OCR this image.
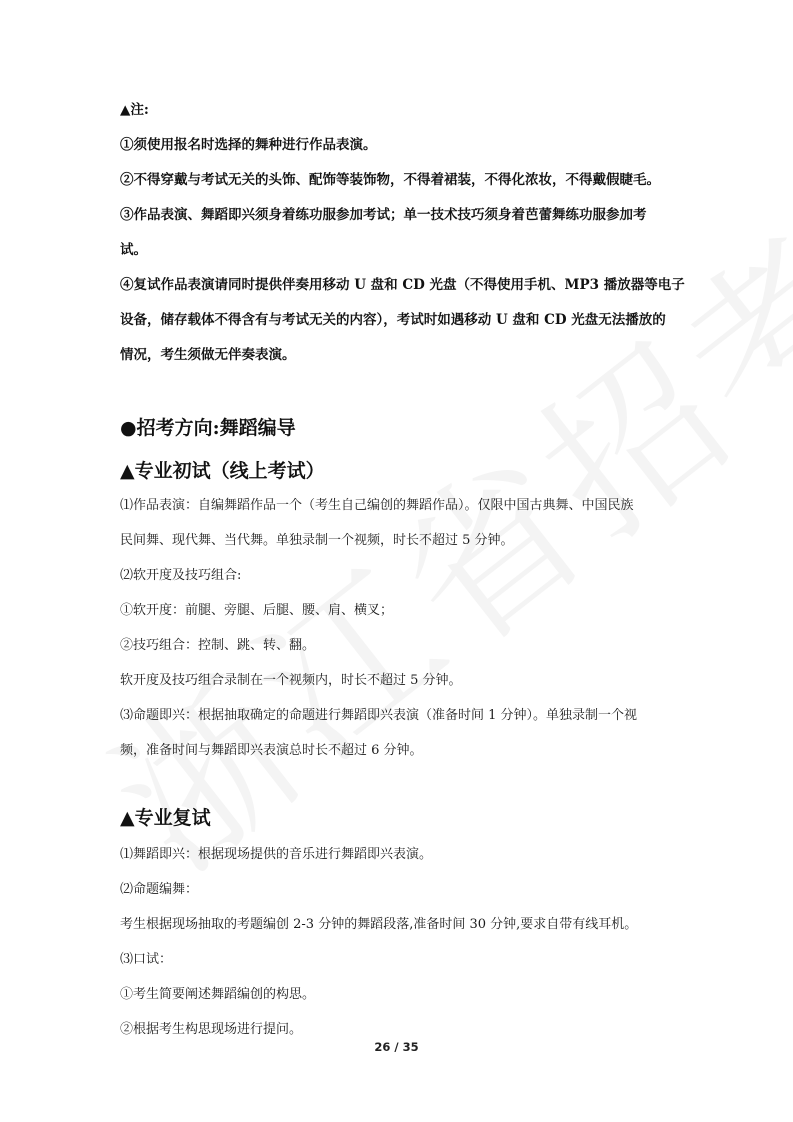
▲注:
①须使用报名时选择的舞种进行作品表演。
②不得穿戴与考试无关的头饰、配饰等装饰物，不得着裙装，不得化浓妆，不得戴假睫毛。
③作品表演、舞蹈即兴须身着练功服参加考试；单一技术技巧须身着芭蕾舞练功服参加考
试。
④复试作品表演请同时提供伴奏用移动 U 盘和 CD 光盘（不得使用手机、MP3 播放器等电子
设备，储存载体不得含有与考试无关的内容），考试时如遇移动 U 盘和 CD 光盘无法播放的
情况，考生须做无伴奏表演。
●招考方向:舞蹈编导
▲专业初试（线上考试）
⑴作品表演：自编舞蹈作品一个（考生自己编创的舞蹈作品）。仅限中国古典舞、中国民族
民间舞、现代舞、当代舞。单独录制一个视频，时长不超过 5 分钟。
⑵软开度及技巧组合:
①软开度：前腿、旁腿、后腿、腰、肩、横叉；
②技巧组合：控制、跳、转、翻。
软开度及技巧组合录制在一个视频内，时长不超过 5 分钟。
⑶命题即兴：根据抽取确定的命题进行舞蹈即兴表演（准备时间 1 分钟）。单独录制一个视
频，准备时间与舞蹈即兴表演总时长不超过 6 分钟。
▲专业复试
⑴舞蹈即兴：根据现场提供的音乐进行舞蹈即兴表演。
⑵命题编舞：
考生根据现场抽取的考题编创 2-3 分钟的舞蹈段落,准备时间 30 分钟,要求自带有线耳机。
⑶口试：
①考生简要阐述舞蹈编创的构思。
②根据考生构思现场进行提问。
26 / 35
